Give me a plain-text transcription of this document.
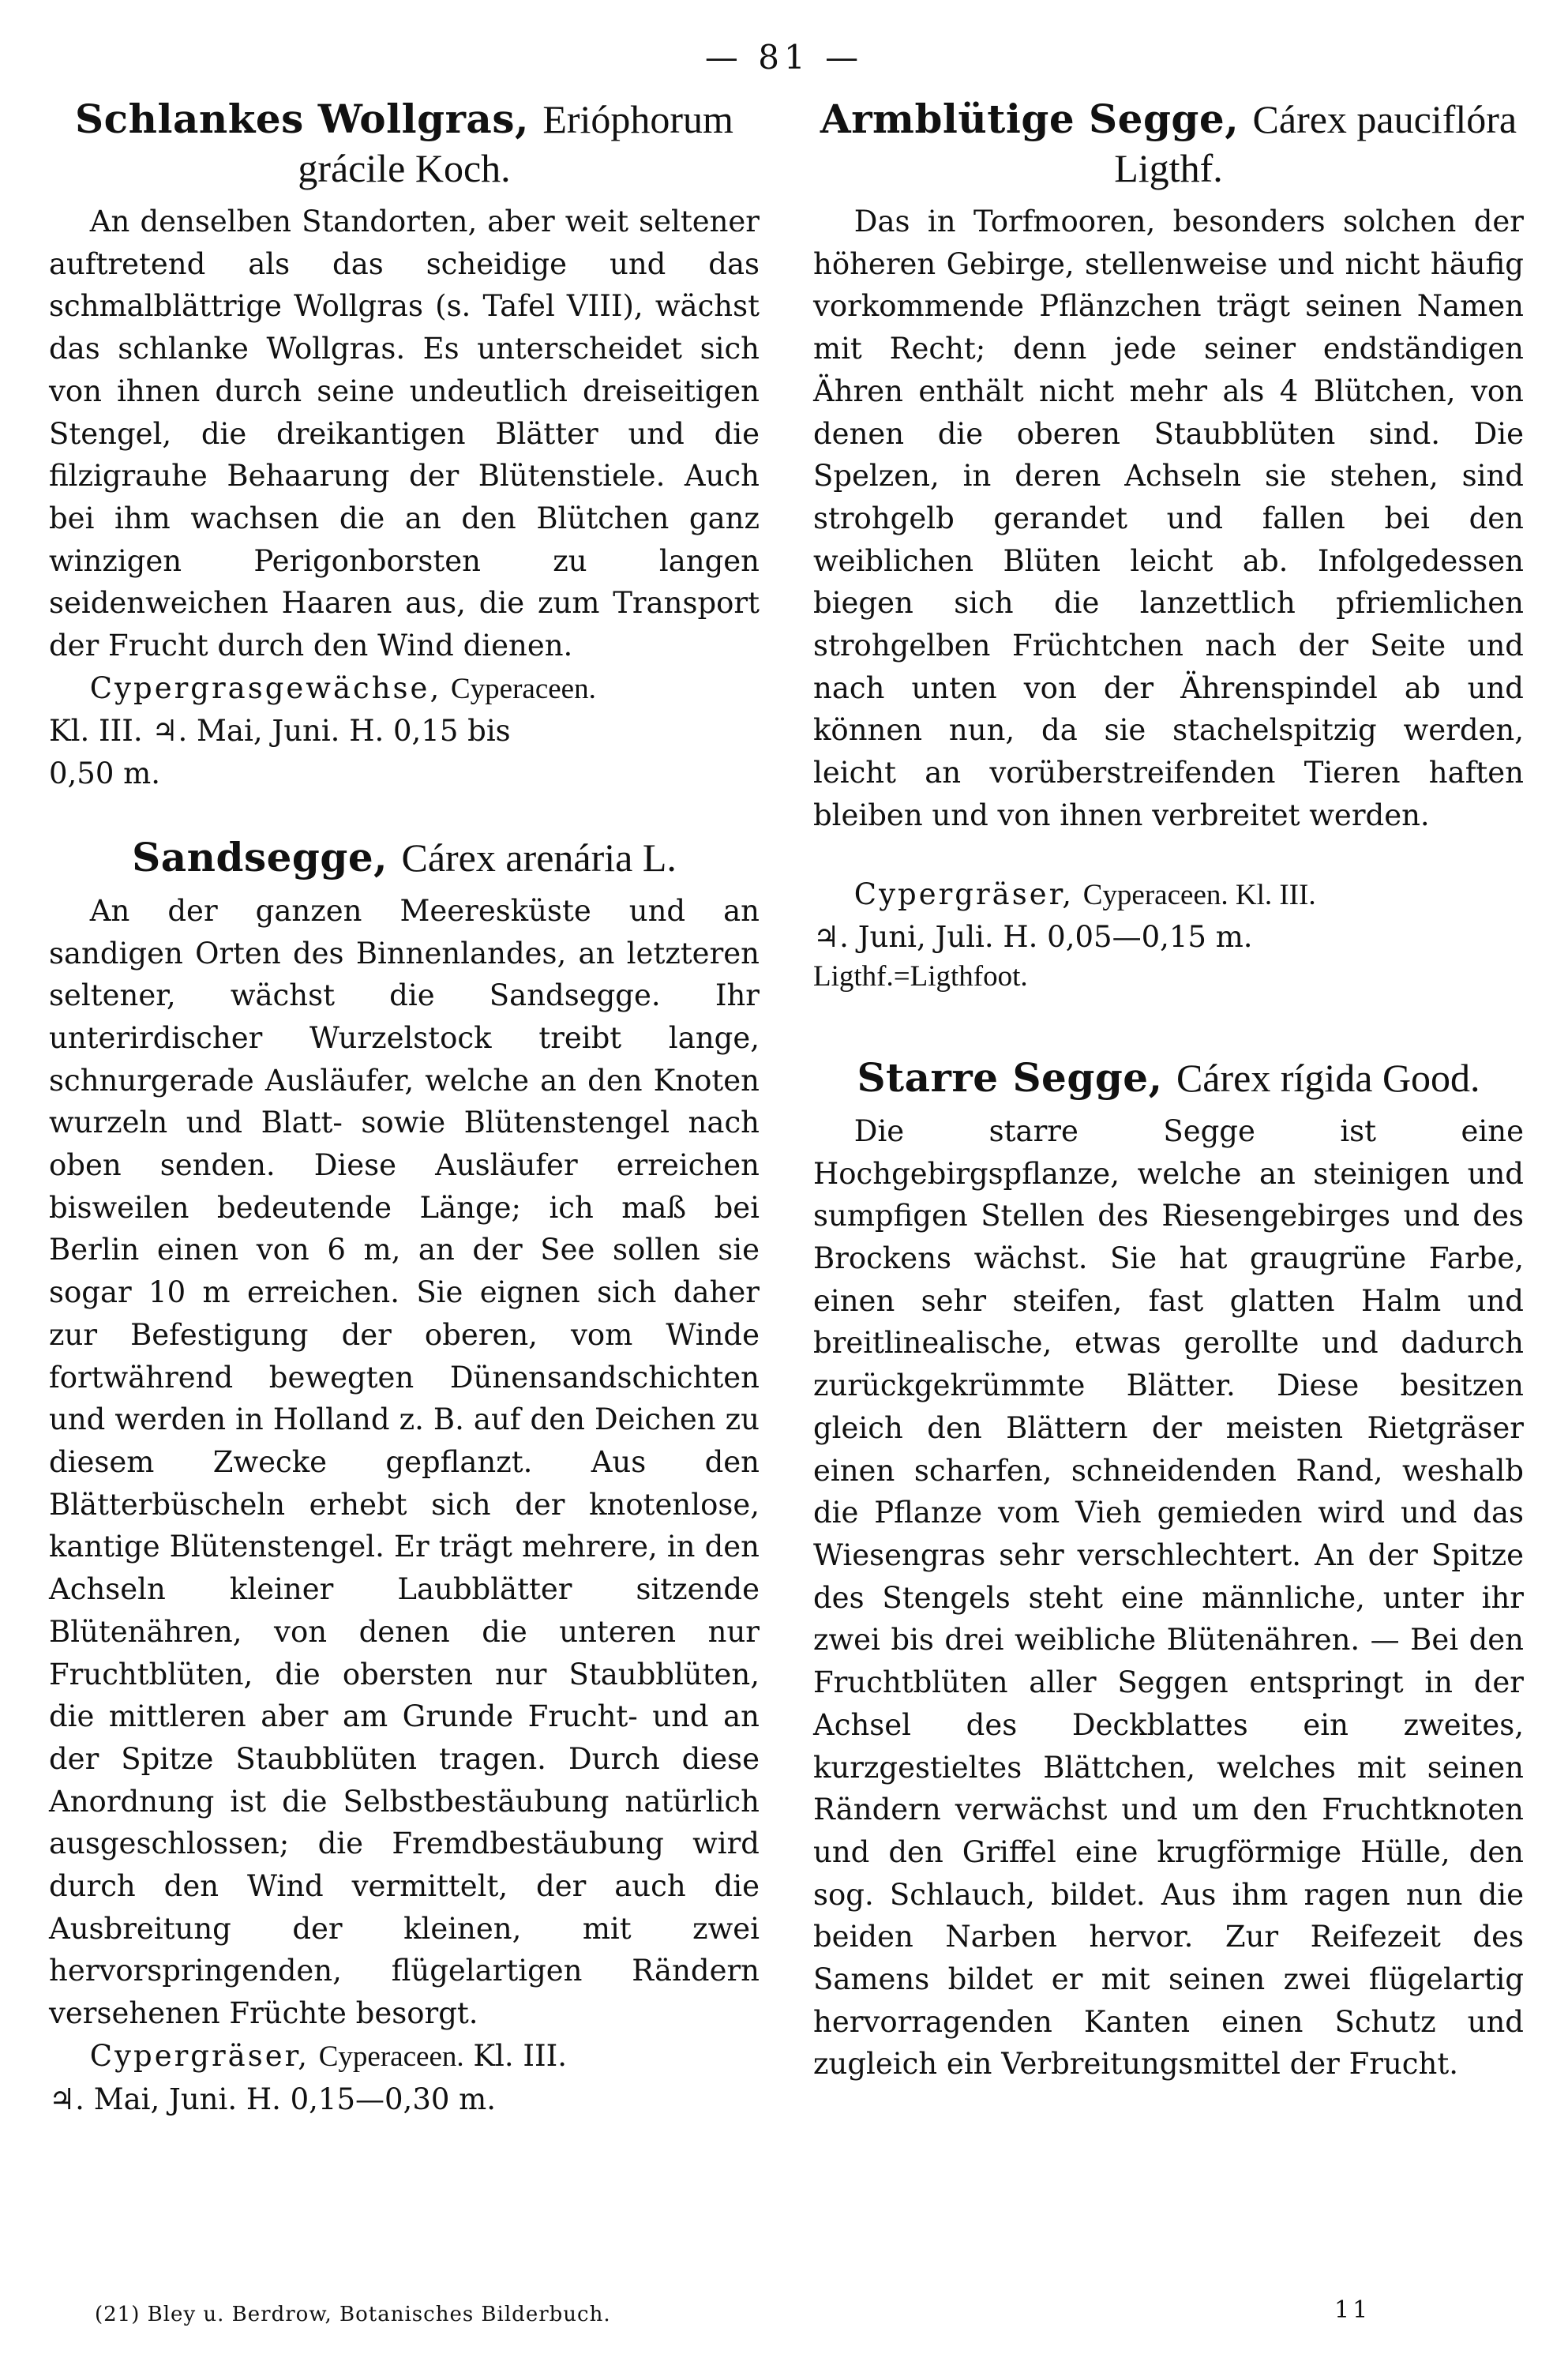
— 81 —
Schlankes Wollgras, Erióphorum grácile Koch.

An denselben Standorten, aber weit seltener auftretend als das scheidige und das schmalblättrige Wollgras (s. Tafel VIII), wächst das schlanke Wollgras. Es unterscheidet sich von ihnen durch seine undeutlich dreiseitigen Stengel, die dreikantigen Blätter und die filzigrauhe Behaarung der Blütenstiele. Auch bei ihm wachsen die an den Blütchen ganz winzigen Perigonborsten zu langen seidenweichen Haaren aus, die zum Transport der Frucht durch den Wind dienen.

Cypergrasgewächse, Cyperaceen.

Kl. III. ♃. Mai, Juni. H. 0,15 bis

0,50 m.

Sandsegge, Cárex arenária L.

An der ganzen Meeresküste und an sandigen Orten des Binnenlandes, an letzteren seltener, wächst die Sandsegge. Ihr unterirdischer Wurzelstock treibt lange, schnurgerade Ausläufer, welche an den Knoten wurzeln und Blatt- sowie Blütenstengel nach oben senden. Diese Ausläufer erreichen bisweilen bedeutende Länge; ich maß bei Berlin einen von 6 m, an der See sollen sie sogar 10 m erreichen. Sie eignen sich daher zur Befestigung der oberen, vom Winde fortwährend bewegten Dünensandschichten und werden in Holland z. B. auf den Deichen zu diesem Zwecke gepflanzt. Aus den Blätterbüscheln erhebt sich der knotenlose, kantige Blütenstengel. Er trägt mehrere, in den Achseln kleiner Laubblätter sitzende Blütenähren, von denen die unteren nur Fruchtblüten, die obersten nur Staubblüten, die mittleren aber am Grunde Frucht- und an der Spitze Staubblüten tragen. Durch diese Anordnung ist die Selbstbestäubung natürlich ausgeschlossen; die Fremdbestäubung wird durch den Wind vermittelt, der auch die Ausbreitung der kleinen, mit zwei hervorspringenden, flügelartigen Rändern versehenen Früchte besorgt.

Cypergräser, Cyperaceen. Kl. III.

♃. Mai, Juni. H. 0,15—0,30 m.

Armblütige Segge, Cárex pauciflóra Ligthf.

Das in Torfmooren, besonders solchen der höheren Gebirge, stellenweise und nicht häufig vorkommende Pflänzchen trägt seinen Namen mit Recht; denn jede seiner endständigen Ähren enthält nicht mehr als 4 Blütchen, von denen die oberen Staubblüten sind. Die Spelzen, in deren Achseln sie stehen, sind strohgelb gerandet und fallen bei den weiblichen Blüten leicht ab. Infolgedessen biegen sich die lanzettlich pfriemlichen strohgelben Früchtchen nach der Seite und nach unten von der Ährenspindel ab und können nun, da sie stachelspitzig werden, leicht an vorüberstreifenden Tieren haften bleiben und von ihnen verbreitet werden.

Cypergräser, Cyperaceen. Kl. III.

♃. Juni, Juli. H. 0,05—0,15 m.

Ligthf.=Ligthfoot.

Starre Segge, Cárex rígida Good.

Die starre Segge ist eine Hochgebirgspflanze, welche an steinigen und sumpfigen Stellen des Riesengebirges und des Brockens wächst. Sie hat graugrüne Farbe, einen sehr steifen, fast glatten Halm und breitlinealische, etwas gerollte und dadurch zurückgekrümmte Blätter. Diese besitzen gleich den Blättern der meisten Rietgräser einen scharfen, schneidenden Rand, weshalb die Pflanze vom Vieh gemieden wird und das Wiesengras sehr verschlechtert. An der Spitze des Stengels steht eine männliche, unter ihr zwei bis drei weibliche Blütenähren. — Bei den Fruchtblüten aller Seggen entspringt in der Achsel des Deckblattes ein zweites, kurzgestieltes Blättchen, welches mit seinen Rändern verwächst und um den Fruchtknoten und den Griffel eine krugförmige Hülle, den sog. Schlauch, bildet. Aus ihm ragen nun die beiden Narben hervor. Zur Reifezeit des Samens bildet er mit seinen zwei flügelartig hervorragenden Kanten einen Schutz und zugleich ein Verbreitungsmittel der Frucht.

(21) Bley u. Berdrow, Botanisches Bilderbuch.	11
